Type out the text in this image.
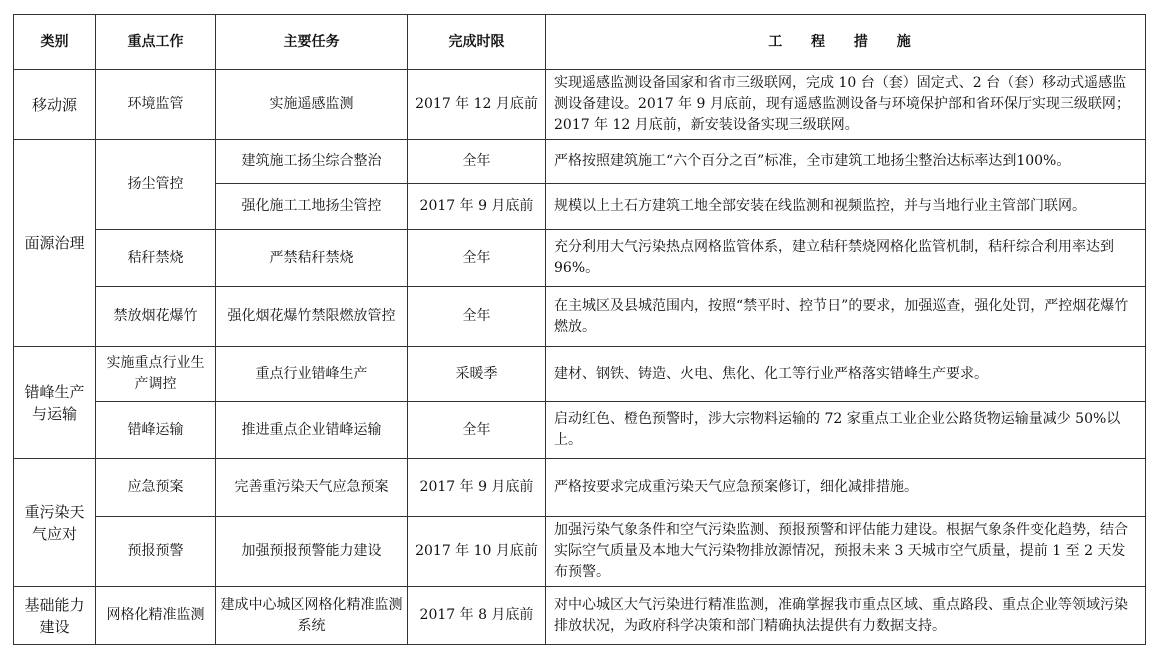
类别	重点工作	主要任务	完成时限	工 程 措 施
移动源	环境监管	实施遥感监测	2017 年 12 月底前	实现遥感监测设备国家和省市三级联网，完成 10 台（套）固定式、2 台（套）移动式遥感监测设备建设。2017 年 9 月底前，现有遥感监测设备与环境保护部和省环保厅实现三级联网；2017 年 12 月底前，新安装设备实现三级联网。
面源治理	扬尘管控	建筑施工扬尘综合整治	全年	严格按照建筑施工“六个百分之百”标准，全市建筑工地扬尘整治达标率达到100%。
		强化施工工地扬尘管控	2017 年 9 月底前	规模以上土石方建筑工地全部安装在线监测和视频监控，并与当地行业主管部门联网。
	秸秆禁烧	严禁秸秆禁烧	全年	充分利用大气污染热点网格监管体系，建立秸秆禁烧网格化监管机制，秸秆综合利用率达到 96%。
	禁放烟花爆竹	强化烟花爆竹禁限燃放管控	全年	在主城区及县城范围内，按照“禁平时、控节日”的要求，加强巡查，强化处罚，严控烟花爆竹燃放。
错峰生产与运输	实施重点行业生产调控	重点行业错峰生产	采暖季	建材、钢铁、铸造、火电、焦化、化工等行业严格落实错峰生产要求。
	错峰运输	推进重点企业错峰运输	全年	启动红色、橙色预警时，涉大宗物料运输的 72 家重点工业企业公路货物运输量减少 50%以上。
重污染天气应对	应急预案	完善重污染天气应急预案	2017 年 9 月底前	严格按要求完成重污染天气应急预案修订，细化减排措施。
	预报预警	加强预报预警能力建设	2017 年 10 月底前	加强污染气象条件和空气污染监测、预报预警和评估能力建设。根据气象条件变化趋势，结合实际空气质量及本地大气污染物排放源情况，预报未来 3 天城市空气质量，提前 1 至 2 天发布预警。
基础能力建设	网格化精准监测	建成中心城区网格化精准监测系统	2017 年 8 月底前	对中心城区大气污染进行精准监测，准确掌握我市重点区域、重点路段、重点企业等领域污染排放状况，为政府科学决策和部门精确执法提供有力数据支持。
